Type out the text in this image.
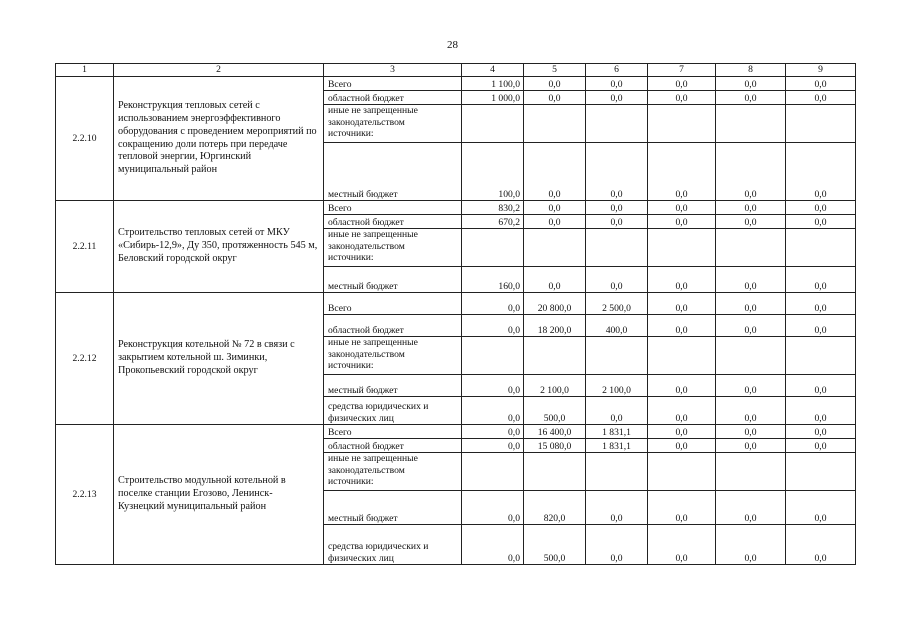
28
1	2	3	4	5	6	7	8	9
2.2.10	Реконструкция тепловых сетей с использованием энергоэффективного оборудования с проведением мероприятий по сокращению доли потерь при передаче тепловой энергии, Юргинский муниципальный район	Всего	1 100,0	0,0	0,0	0,0	0,0	0,0
		областной бюджет	1 000,0	0,0	0,0	0,0	0,0	0,0

		иные не запрещенные
законодательством
источники:						

		местный бюджет	100,0	0,0	0,0	0,0	0,0	0,0
2.2.11	Строительство тепловых сетей от МКУ «Сибирь-12,9», Ду 350, протяженность 545 м, Беловский городской округ	Всего	830,2	0,0	0,0	0,0	0,0	0,0
		областной бюджет	670,2	0,0	0,0	0,0	0,0	0,0

		иные не запрещенные
законодательством
источники:						

		местный бюджет	160,0	0,0	0,0	0,0	0,0	0,0
2.2.12	Реконструкция котельной № 72 в связи с закрытием котельной ш. Зиминки, Прокопьевский городской округ	Всего	0,0	20 800,0	2 500,0	0,0	0,0	0,0
		областной бюджет	0,0	18 200,0	400,0	0,0	0,0	0,0

		иные не запрещенные
законодательством
источники:						

		местный бюджет	0,0	2 100,0	2 100,0	0,0	0,0	0,0

		средства юридических и
физических лиц	0,0	500,0	0,0	0,0	0,0	0,0
2.2.13	Строительство модульной котельной в поселке станции Егозово, Ленинск-Кузнецкий муниципальный район	Всего	0,0	16 400,0	1 831,1	0,0	0,0	0,0
		областной бюджет	0,0	15 080,0	1 831,1	0,0	0,0	0,0

		иные не запрещенные
законодательством
источники:						

		местный бюджет	0,0	820,0	0,0	0,0	0,0	0,0

		средства юридических и
физических лиц	0,0	500,0	0,0	0,0	0,0	0,0
